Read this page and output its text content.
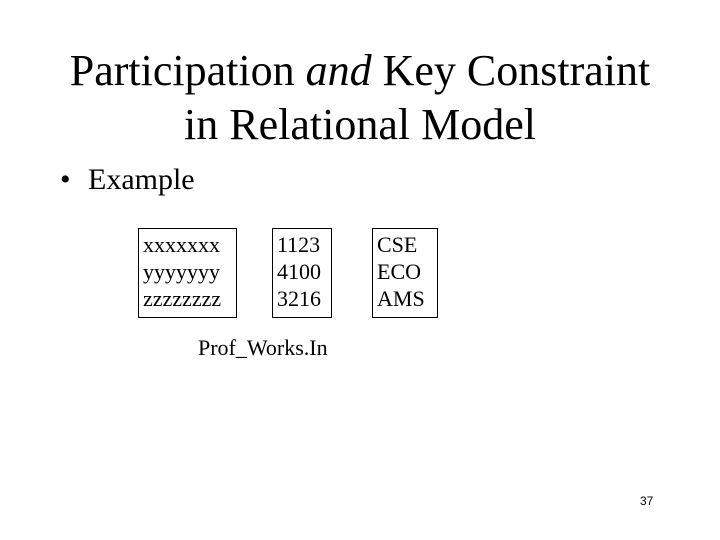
Participation and Key Constraint
in Relational Model
• Example
xxxxxxx
yyyyyyy
zzzzzzzz
1123
4100
3216
CSE
ECO
AMS
Prof_Works.In
37
